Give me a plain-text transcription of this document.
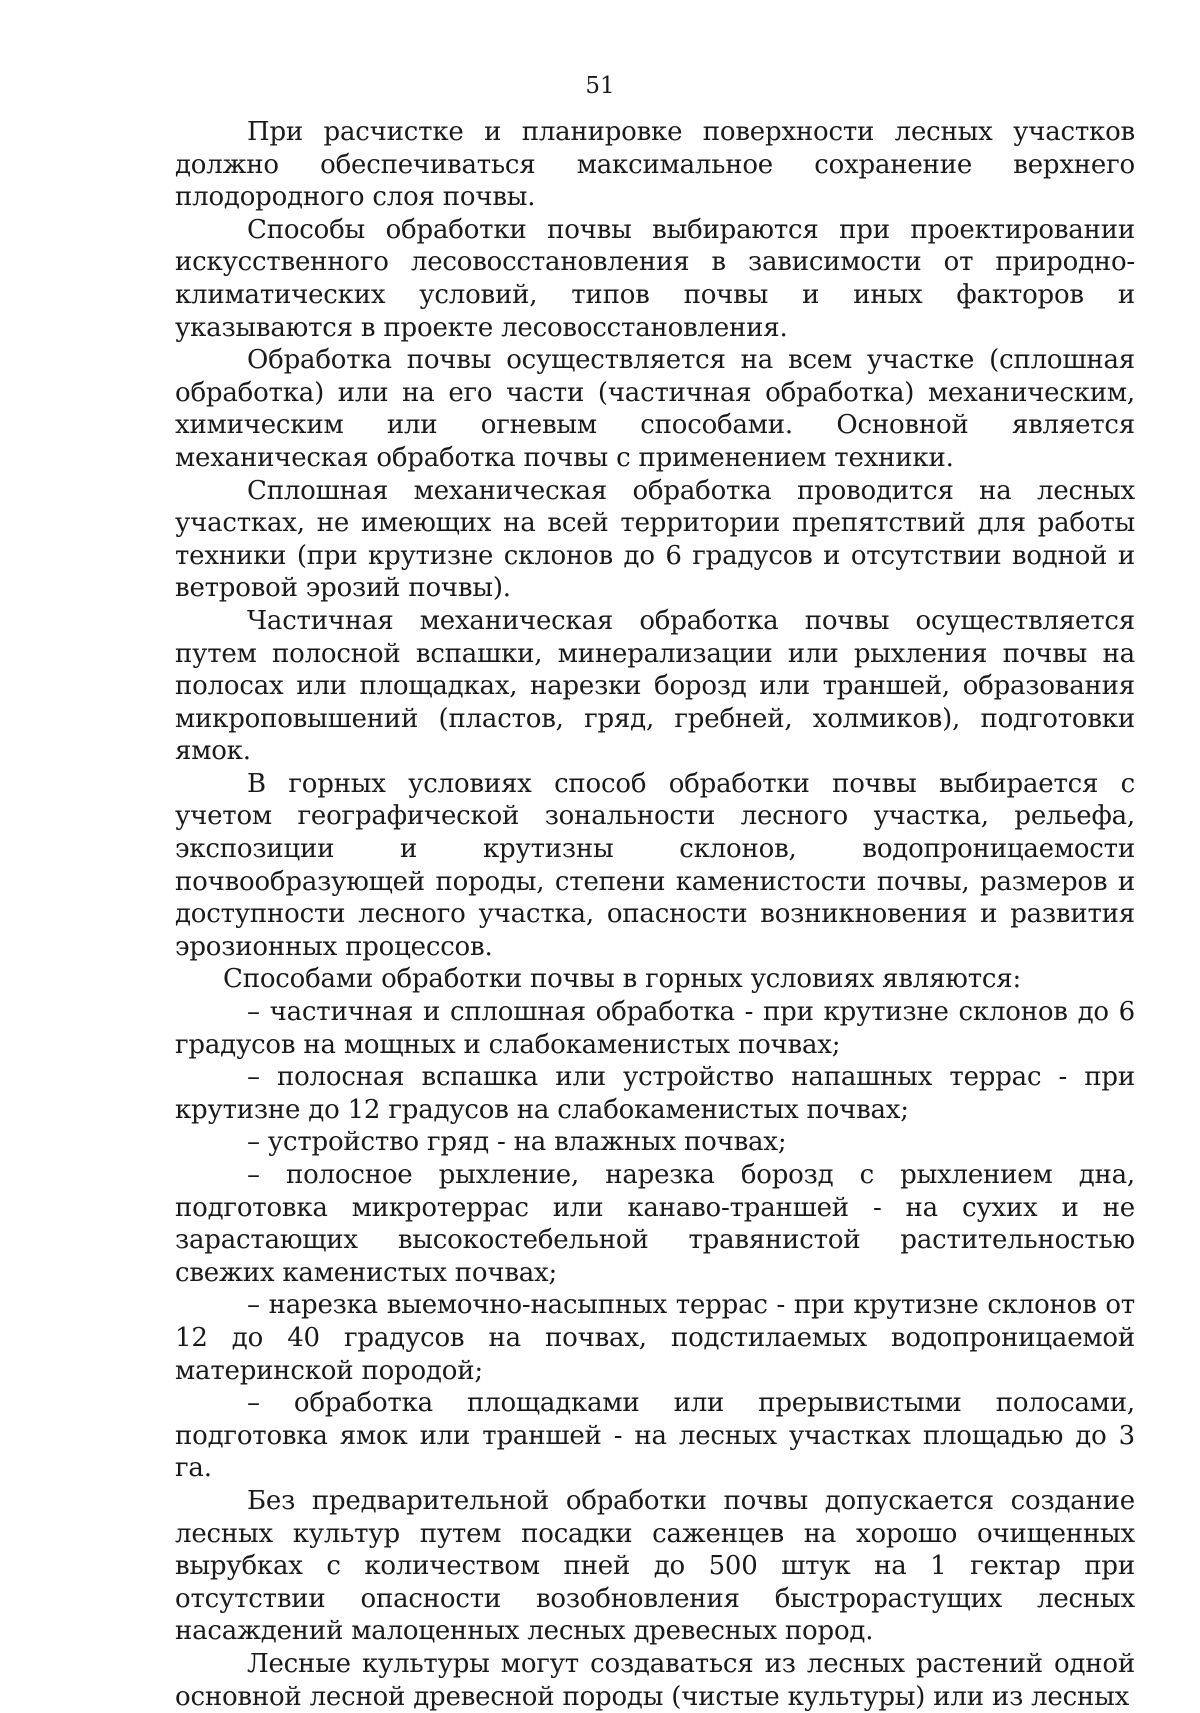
51

При расчистке и планировке поверхности лесных участков должно обеспечиваться максимальное сохранение верхнего плодородного слоя почвы.

Способы обработки почвы выбираются при проектировании искусственного лесовосстановления в зависимости от природно-климатических условий, типов почвы и иных факторов и указываются в проекте лесовосстановления.

Обработка почвы осуществляется на всем участке (сплошная обработка) или на его части (частичная обработка) механическим, химическим или огневым способами. Основной является механическая обработка почвы с применением техники.

Сплошная механическая обработка проводится на лесных участках, не имеющих на всей территории препятствий для работы техники (при крутизне склонов до 6 градусов и отсутствии водной и ветровой эрозий почвы).

Частичная механическая обработка почвы осуществляется путем полосной вспашки, минерализации или рыхления почвы на полосах или площадках, нарезки борозд или траншей, образования микроповышений (пластов, гряд, гребней, холмиков), подготовки ямок.

В горных условиях способ обработки почвы выбирается с учетом географической зональности лесного участка, рельефа, экспозиции и крутизны склонов, водопроницаемости почвообразующей породы, степени каменистости почвы, размеров и доступности лесного участка, опасности возникновения и развития эрозионных процессов.

Способами обработки почвы в горных условиях являются:

– частичная и сплошная обработка - при крутизне склонов до 6 градусов на мощных и слабокаменистых почвах;

– полосная вспашка или устройство напашных террас - при крутизне до 12 градусов на слабокаменистых почвах;

– устройство гряд - на влажных почвах;

– полосное рыхление, нарезка борозд с рыхлением дна, подготовка микротеррас или канаво-траншей - на сухих и не зарастающих высокостебельной травянистой растительностью свежих каменистых почвах;

– нарезка выемочно-насыпных террас - при крутизне склонов от 12 до 40 градусов на почвах, подстилаемых водопроницаемой материнской породой;

– обработка площадками или прерывистыми полосами, подготовка ямок или траншей - на лесных участках площадью до 3 га.

Без предварительной обработки почвы допускается создание лесных культур путем посадки саженцев на хорошо очищенных вырубках с количеством пней до 500 штук на 1 гектар при отсутствии опасности возобновления быстрорастущих лесных насаждений малоценных лесных древесных пород.

Лесные культуры могут создаваться из лесных растений одной основной лесной древесной породы (чистые культуры) или из лесных
